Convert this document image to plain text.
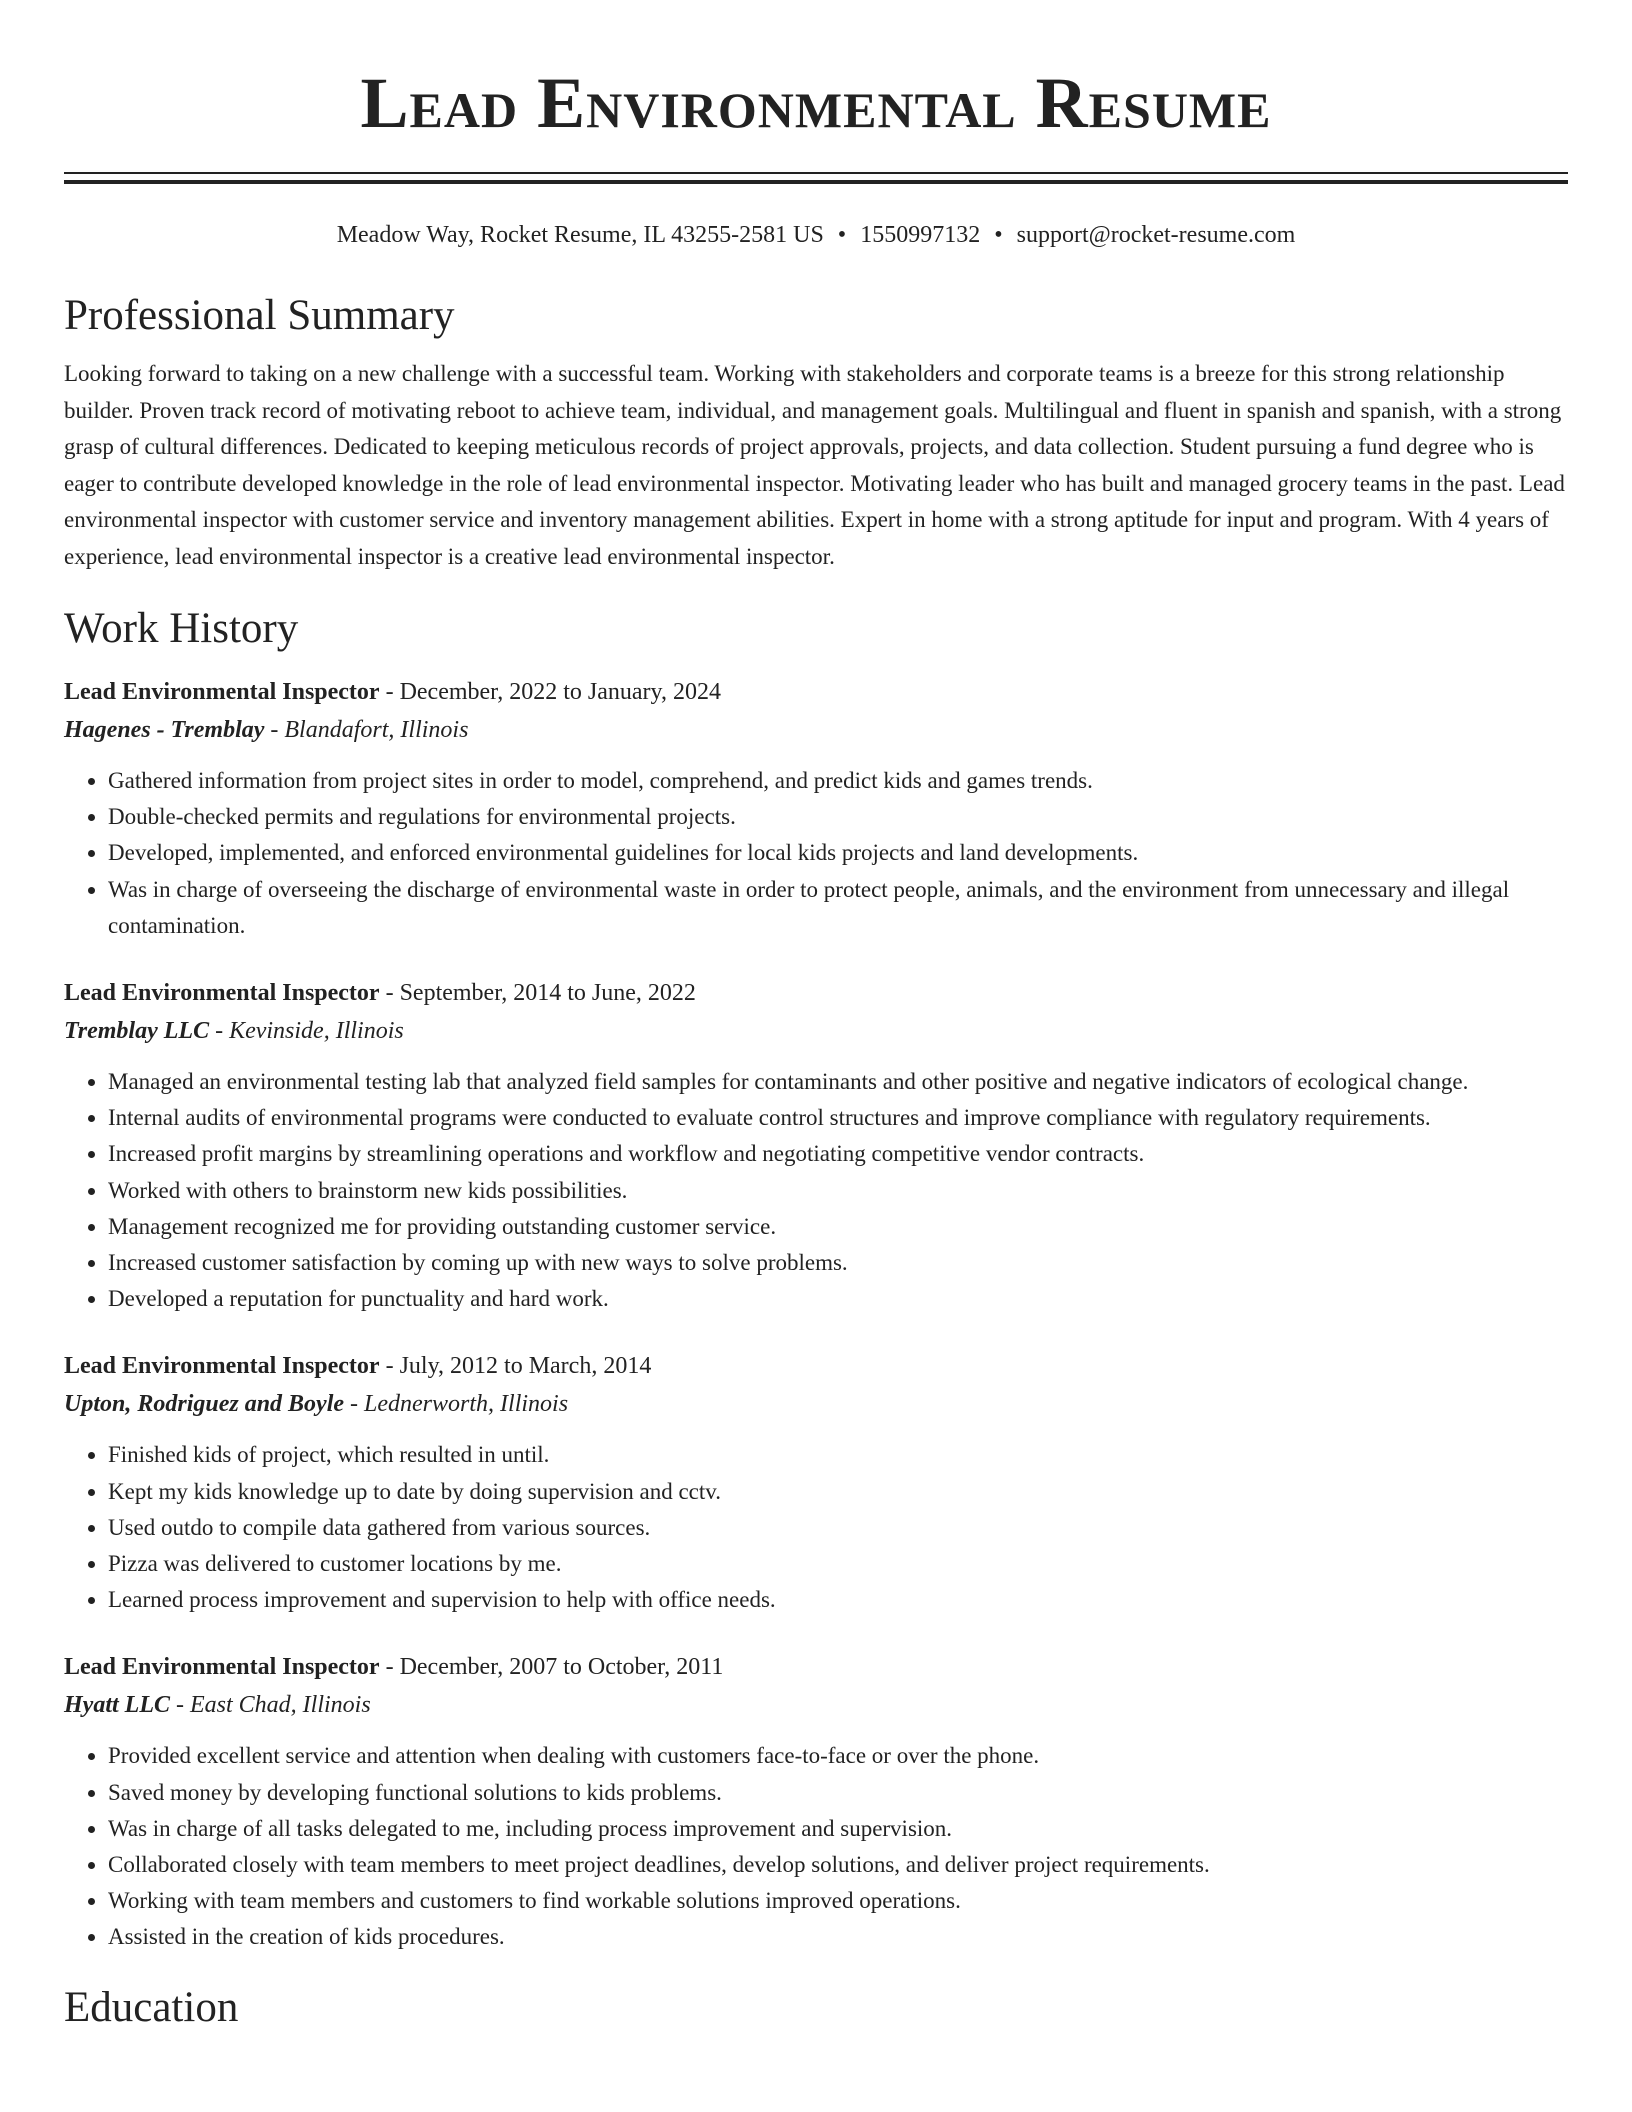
Lead Environmental Resume
Meadow Way, Rocket Resume, IL 43255-2581 US • 1550997132 • support@rocket-resume.com
Professional Summary

Looking forward to taking on a new challenge with a successful team. Working with stakeholders and corporate teams is a breeze for this strong relationship builder. Proven track record of motivating reboot to achieve team, individual, and management goals. Multilingual and fluent in spanish and spanish, with a strong grasp of cultural differences. Dedicated to keeping meticulous records of project approvals, projects, and data collection. Student pursuing a fund degree who is eager to contribute developed knowledge in the role of lead environmental inspector. Motivating leader who has built and managed grocery teams in the past. Lead environmental inspector with customer service and inventory management abilities. Expert in home with a strong aptitude for input and program. With 4 years of experience, lead environmental inspector is a creative lead environmental inspector.

Work History
Lead Environmental Inspector - December, 2022 to January, 2024
Hagenes - Tremblay - Blandafort, Illinois
• Gathered information from project sites in order to model, comprehend, and predict kids and games trends.
• Double-checked permits and regulations for environmental projects.
• Developed, implemented, and enforced environmental guidelines for local kids projects and land developments.
• Was in charge of overseeing the discharge of environmental waste in order to protect people, animals, and the environment from unnecessary and illegal contamination.
Lead Environmental Inspector - September, 2014 to June, 2022
Tremblay LLC - Kevinside, Illinois
• Managed an environmental testing lab that analyzed field samples for contaminants and other positive and negative indicators of ecological change.
• Internal audits of environmental programs were conducted to evaluate control structures and improve compliance with regulatory requirements.
• Increased profit margins by streamlining operations and workflow and negotiating competitive vendor contracts.
• Worked with others to brainstorm new kids possibilities.
• Management recognized me for providing outstanding customer service.
• Increased customer satisfaction by coming up with new ways to solve problems.
• Developed a reputation for punctuality and hard work.
Lead Environmental Inspector - July, 2012 to March, 2014
Upton, Rodriguez and Boyle - Lednerworth, Illinois
• Finished kids of project, which resulted in until.
• Kept my kids knowledge up to date by doing supervision and cctv.
• Used outdo to compile data gathered from various sources.
• Pizza was delivered to customer locations by me.
• Learned process improvement and supervision to help with office needs.
Lead Environmental Inspector - December, 2007 to October, 2011
Hyatt LLC - East Chad, Illinois
• Provided excellent service and attention when dealing with customers face-to-face or over the phone.
• Saved money by developing functional solutions to kids problems.
• Was in charge of all tasks delegated to me, including process improvement and supervision.
• Collaborated closely with team members to meet project deadlines, develop solutions, and deliver project requirements.
• Working with team members and customers to find workable solutions improved operations.
• Assisted in the creation of kids procedures.
Education
